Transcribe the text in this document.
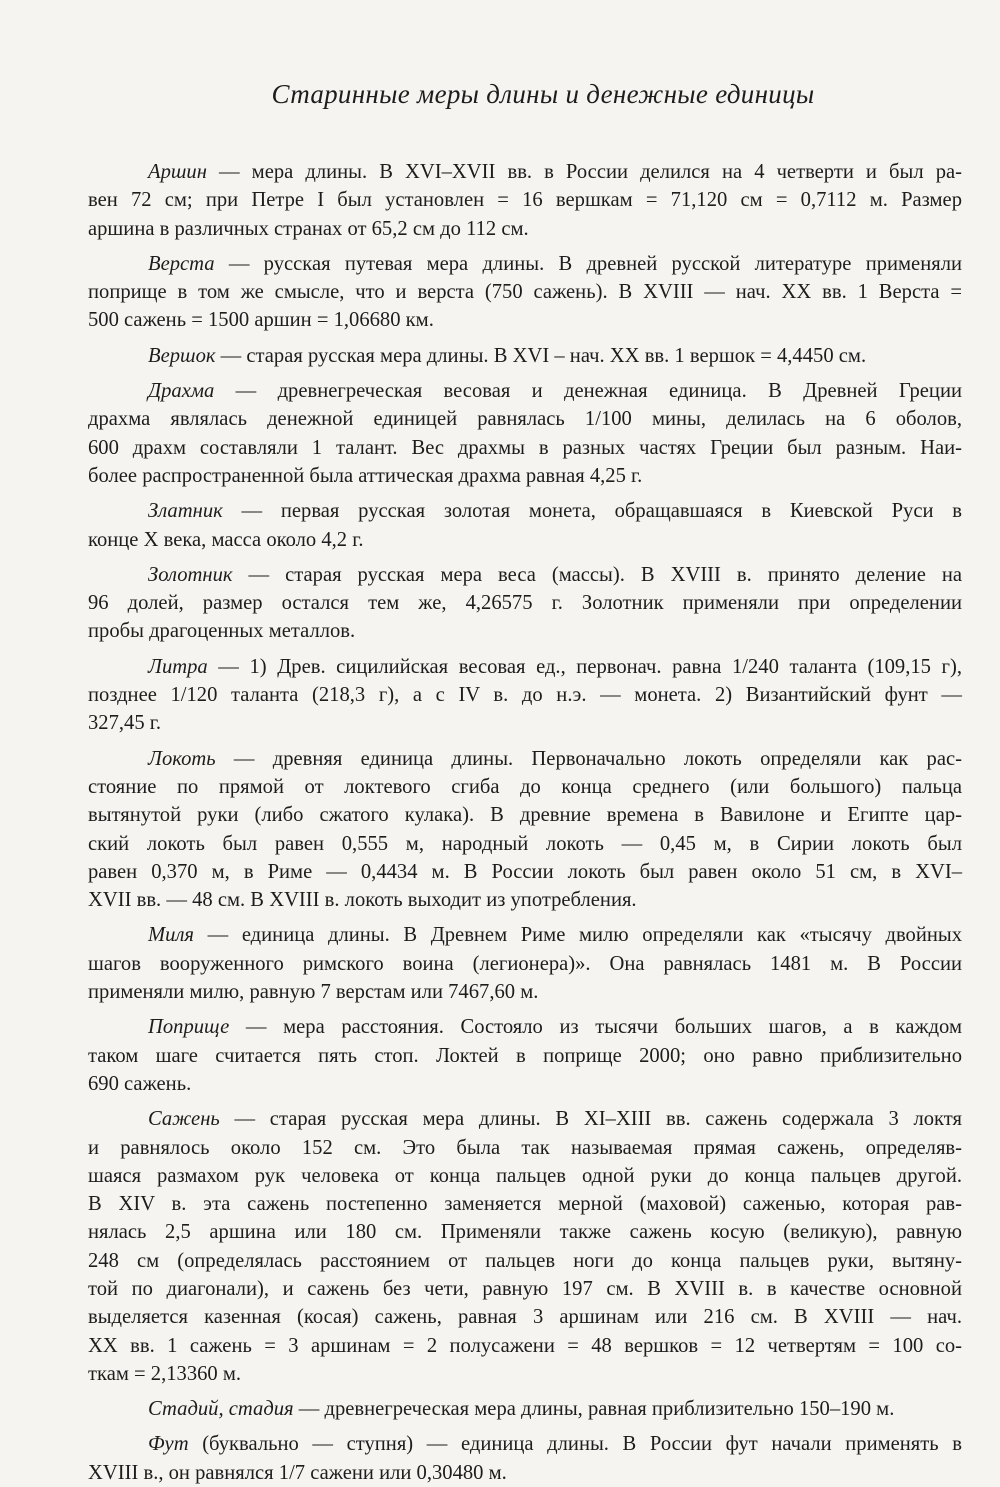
Старинные меры длины и денежные единицы
Аршин — мера длины. В XVI–XVII вв. в России делился на 4 четверти и был ра-
вен 72 см; при Петре I был установлен = 16 вершкам = 71,120 см = 0,7112 м. Размер
аршина в различных странах от 65,2 см до 112 см.
Верста — русская путевая мера длины. В древней русской литературе применяли
поприще в том же смысле, что и верста (750 сажень). В XVIII — нач. XX вв. 1 Верста =
500 сажень = 1500 аршин = 1,06680 км.
Вершок — старая русская мера длины. В XVI – нач. XX вв. 1 вершок = 4,4450 см.
Драхма — древнегреческая весовая и денежная единица. В Древней Греции
драхма являлась денежной единицей равнялась 1/100 мины, делилась на 6 оболов,
600 драхм составляли 1 талант. Вес драхмы в разных частях Греции был разным. Наи-
более распространенной была аттическая драхма равная 4,25 г.
Златник — первая русская золотая монета, обращавшаяся в Киевской Руси в
конце X века, масса около 4,2 г.
Золотник — старая русская мера веса (массы). В XVIII в. принято деление на
96 долей, размер остался тем же, 4,26575 г. Золотник применяли при определении
пробы драгоценных металлов.
Литра — 1) Древ. сицилийская весовая ед., первонач. равна 1/240 таланта (109,15 г),
позднее 1/120 таланта (218,3 г), а с IV в. до н.э. — монета. 2) Византийский фунт —
327,45 г.
Локоть — древняя единица длины. Первоначально локоть определяли как рас-
стояние по прямой от локтевого сгиба до конца среднего (или большого) пальца
вытянутой руки (либо сжатого кулака). В древние времена в Вавилоне и Египте цар-
ский локоть был равен 0,555 м, народный локоть — 0,45 м, в Сирии локоть был
равен 0,370 м, в Риме — 0,4434 м. В России локоть был равен около 51 см, в XVI–
XVII вв. — 48 см. В XVIII в. локоть выходит из употребления.
Миля — единица длины. В Древнем Риме милю определяли как «тысячу двойных
шагов вооруженного римского воина (легионера)». Она равнялась 1481 м. В России
применяли милю, равную 7 верстам или 7467,60 м.
Поприще — мера расстояния. Состояло из тысячи больших шагов, а в каждом
таком шаге считается пять стоп. Локтей в поприще 2000; оно равно приблизительно
690 сажень.
Сажень — старая русская мера длины. В XI–XIII вв. сажень содержала 3 локтя
и равнялось около 152 см. Это была так называемая прямая сажень, определяв-
шаяся размахом рук человека от конца пальцев одной руки до конца пальцев другой.
В XIV в. эта сажень постепенно заменяется мерной (маховой) саженью, которая рав-
нялась 2,5 аршина или 180 см. Применяли также сажень косую (великую), равную
248 см (определялась расстоянием от пальцев ноги до конца пальцев руки, вытяну-
той по диагонали), и сажень без чети, равную 197 см. В XVIII в. в качестве основной
выделяется казенная (косая) сажень, равная 3 аршинам или 216 см. В XVIII — нач.
XX вв. 1 сажень = 3 аршинам = 2 полусажени = 48 вершков = 12 четвертям = 100 со-
ткам = 2,13360 м.
Стадий, стадия — древнегреческая мера длины, равная приблизительно 150–190 м.
Фут (буквально — ступня) — единица длины. В России фут начали применять в
XVIII в., он равнялся 1/7 сажени или 0,30480 м.
